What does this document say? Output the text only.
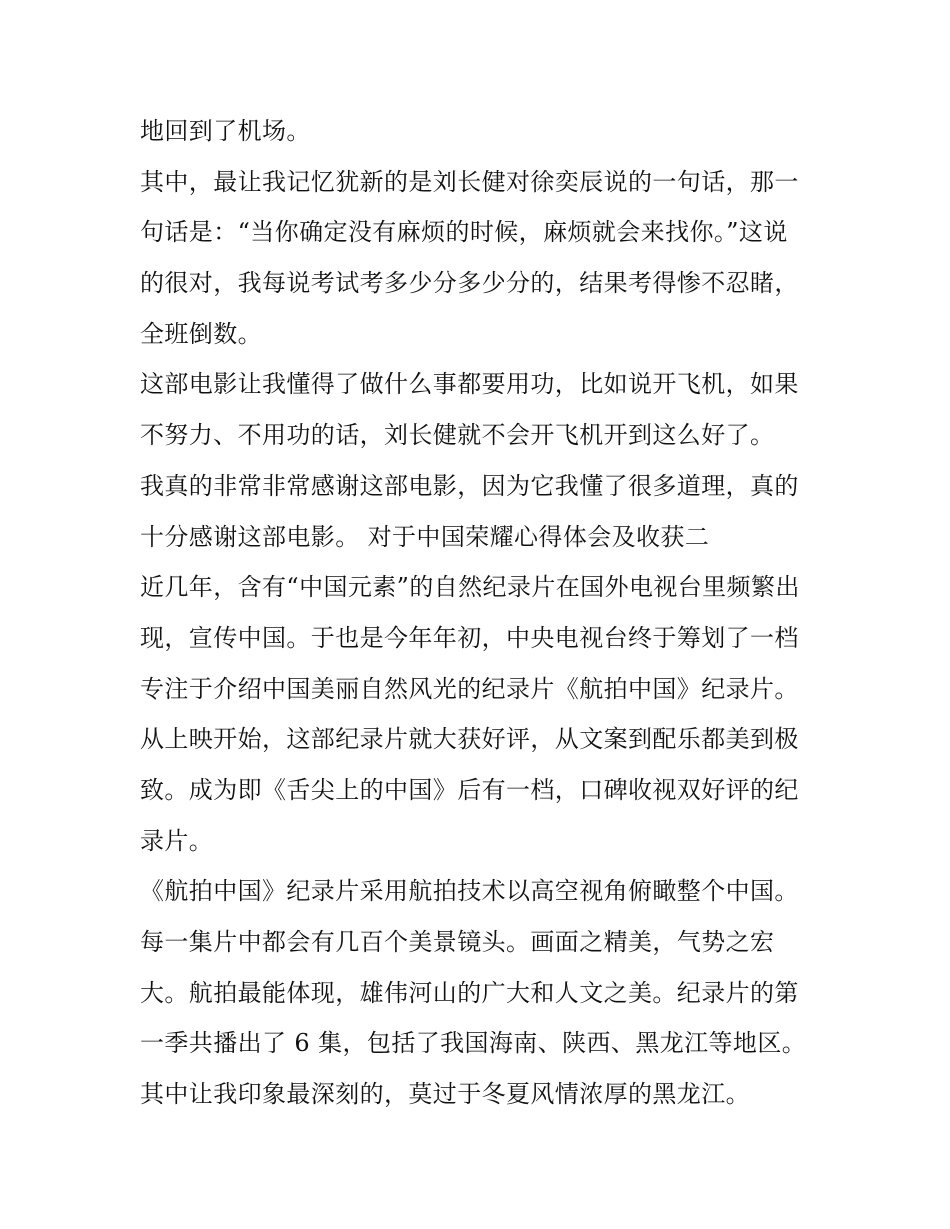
地回到了机场。
其中，最让我记忆犹新的是刘长健对徐奕辰说的一句话，那一
句话是：“当你确定没有麻烦的时候，麻烦就会来找你。”这说
的很对，我每说考试考多少分多少分的，结果考得惨不忍睹，
全班倒数。
这部电影让我懂得了做什么事都要用功，比如说开飞机，如果
不努力、不用功的话，刘长健就不会开飞机开到这么好了。
我真的非常非常感谢这部电影，因为它我懂了很多道理，真的
十分感谢这部电影。 对于中国荣耀心得体会及收获二
近几年，含有“中国元素”的自然纪录片在国外电视台里频繁出
现，宣传中国。于也是今年年初，中央电视台终于筹划了一档
专注于介绍中国美丽自然风光的纪录片《航拍中国》纪录片。
从上映开始，这部纪录片就大获好评，从文案到配乐都美到极
致。成为即《舌尖上的中国》后有一档，口碑收视双好评的纪
录片。
《航拍中国》纪录片采用航拍技术以高空视角俯瞰整个中国。
每一集片中都会有几百个美景镜头。画面之精美，气势之宏
大。航拍最能体现，雄伟河山的广大和人文之美。纪录片的第
一季共播出了 6 集，包括了我国海南、陕西、黑龙江等地区。
其中让我印象最深刻的，莫过于冬夏风情浓厚的黑龙江。
